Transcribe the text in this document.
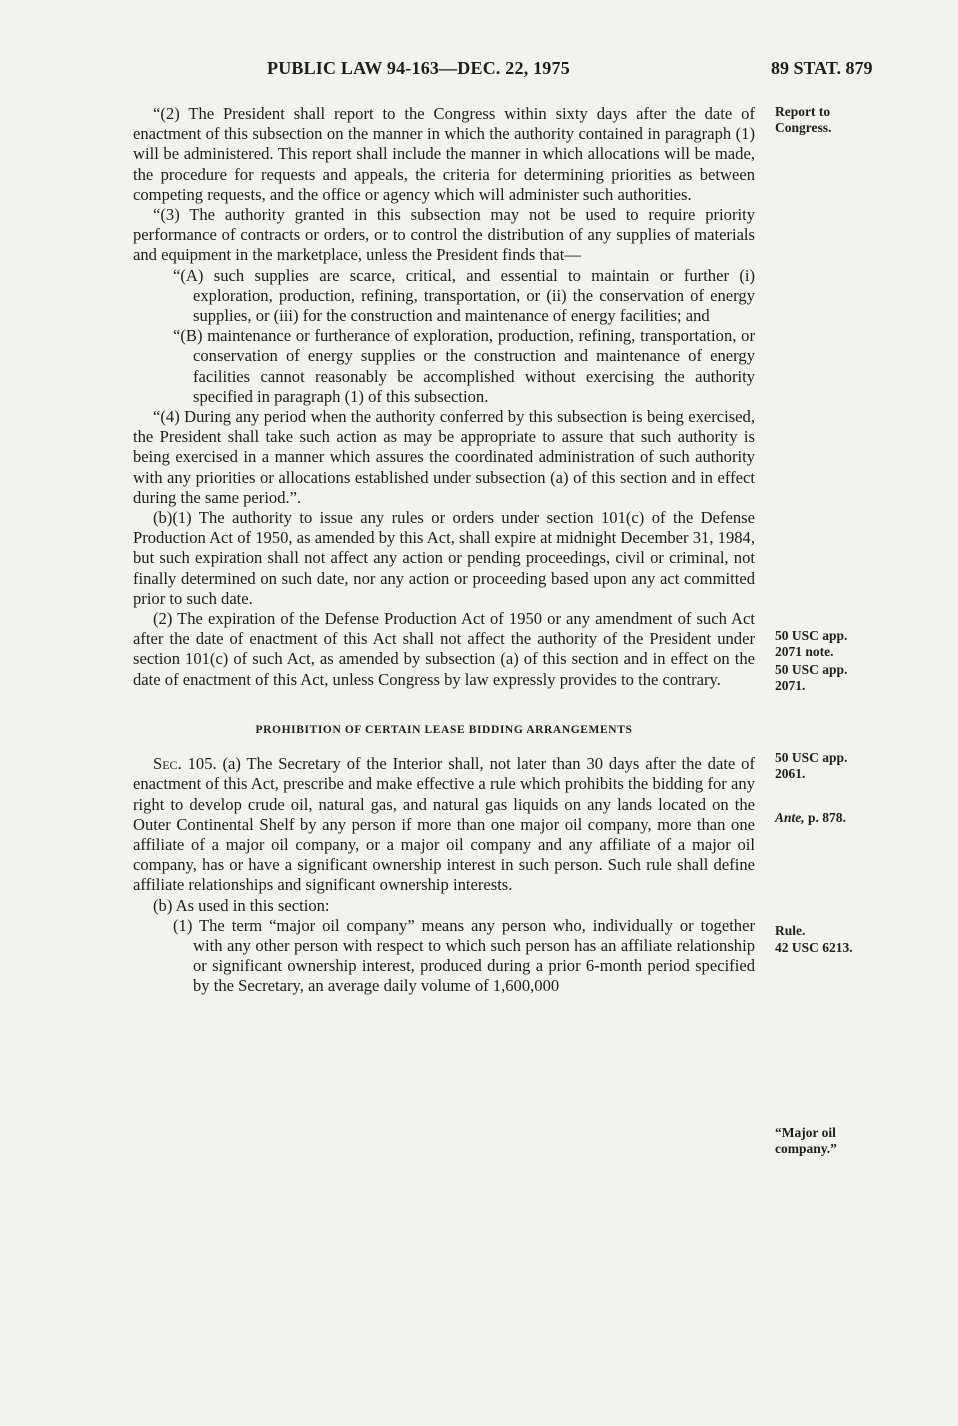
PUBLIC LAW 94-163—DEC. 22, 1975	89 STAT. 879

“(2) The President shall report to the Congress within sixty days after the date of enactment of this subsection on the manner in which the authority contained in paragraph (1) will be administered. This report shall include the manner in which allocations will be made, the procedure for requests and appeals, the criteria for determining priorities as between competing requests, and the office or agency which will administer such authorities.

“(3) The authority granted in this subsection may not be used to require priority performance of contracts or orders, or to control the distribution of any supplies of materials and equipment in the marketplace, unless the President finds that—

“(A) such supplies are scarce, critical, and essential to maintain or further (i) exploration, production, refining, transportation, or (ii) the conservation of energy supplies, or (iii) for the construction and maintenance of energy facilities; and

“(B) maintenance or furtherance of exploration, production, refining, transportation, or conservation of energy supplies or the construction and maintenance of energy facilities cannot reasonably be accomplished without exercising the authority specified in paragraph (1) of this subsection.

“(4) During any period when the authority conferred by this subsection is being exercised, the President shall take such action as may be appropriate to assure that such authority is being exercised in a manner which assures the coordinated administration of such authority with any priorities or allocations established under subsection (a) of this section and in effect during the same period.”.

(b)(1) The authority to issue any rules or orders under section 101(c) of the Defense Production Act of 1950, as amended by this Act, shall expire at midnight December 31, 1984, but such expiration shall not affect any action or pending proceedings, civil or criminal, not finally determined on such date, nor any action or proceeding based upon any act committed prior to such date.

(2) The expiration of the Defense Production Act of 1950 or any amendment of such Act after the date of enactment of this Act shall not affect the authority of the President under section 101(c) of such Act, as amended by subsection (a) of this section and in effect on the date of enactment of this Act, unless Congress by law expressly provides to the contrary.

PROHIBITION OF CERTAIN LEASE BIDDING ARRANGEMENTS

Sec. 105. (a) The Secretary of the Interior shall, not later than 30 days after the date of enactment of this Act, prescribe and make effective a rule which prohibits the bidding for any right to develop crude oil, natural gas, and natural gas liquids on any lands located on the Outer Continental Shelf by any person if more than one major oil company, more than one affiliate of a major oil company, or a major oil company and any affiliate of a major oil company, has or have a significant ownership interest in such person. Such rule shall define affiliate relationships and significant ownership interests.

(b) As used in this section:

(1) The term “major oil company” means any person who, individually or together with any other person with respect to which such person has an affiliate relationship or significant ownership interest, produced during a prior 6-month period specified by the Secretary, an average daily volume of 1,600,000

Report to Congress.
50 USC app. 2071 note.
50 USC app. 2071.
50 USC app. 2061.
Ante, p. 878.
Rule.
42 USC 6213.
“Major oil company.”
